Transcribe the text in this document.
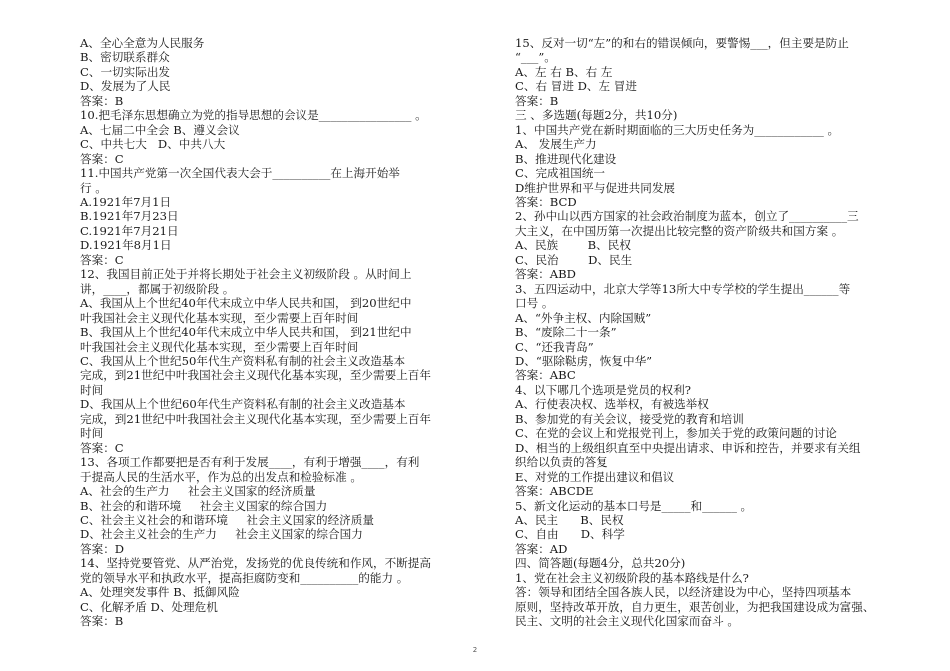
A、全心全意为人民服务
B、密切联系群众
C、一切实际出发
D、发展为了人民
答案：B
10.把毛泽东思想确立为党的指导思想的会议是________________ 。
A、七届二中全会 B、遵义会议
C、中共七大   D、中共八大
答案：C
11.中国共产党第一次全国代表大会于__________在上海开始举
行 。
A.1921年7月1日
B.1921年7月23日
C.1921年7月21日
D.1921年8月1日
答案：C
12、我国目前正处于并将长期处于社会主义初级阶段 。从时间上
讲，____，都属于初级阶段 。
A、我国从上个世纪40年代末成立中华人民共和国， 到20世纪中
叶我国社会主义现代化基本实现，至少需要上百年时间
B、我国从上个世纪40年代末成立中华人民共和国， 到21世纪中
叶我国社会主义现代化基本实现，至少需要上百年时间
C、我国从上个世纪50年代生产资料私有制的社会主义改造基本
完成，到21世纪中叶我国社会主义现代化基本实现，至少需要上百年
时间
D、我国从上个世纪60年代生产资料私有制的社会主义改造基本
完成，到21世纪中叶我国社会主义现代化基本实现，至少需要上百年
时间
答案：C
13、各项工作都要把是否有利于发展____，有利于增强____，有利
于提高人民的生活水平，作为总的出发点和检验标准 。
A、社会的生产力     社会主义国家的经济质量
B、社会的和谐环境     社会主义国家的综合国力
C、社会主义社会的和谐环境     社会主义国家的经济质量
D、社会主义社会的生产力     社会主义国家的综合国力
答案：D
14、坚持党要管党、从严治党，发扬党的优良传统和作风，不断提高
党的领导水平和执政水平，提高拒腐防变和__________的能力 。
A、处理突发事件 B、抵御风险
C、化解矛盾 D、处理危机
答案：B
15、反对一切“左”的和右的错误倾向，要警惕___，但主要是防止
“___”。
A、左 右 B、右 左
C、右 冒进 D、左 冒进
答案：B
三 、多选题(每题2分，共10分)
1、中国共产党在新时期面临的三大历史任务为____________ 。
A、 发展生产力
B、推进现代化建设
C、完成祖国统一
D维护世界和平与促进共同发展
答案：BCD
2、孙中山以西方国家的社会政治制度为蓝本，创立了__________三
大主义，在中国历第一次提出比较完整的资产阶级共和国方案 。
A、民族        B、民权
C、民治        D、民生
答案：ABD
3、五四运动中，北京大学等13所大中专学校的学生提出______等
口号 。
A、“外争主权、内除国贼”
B、“废除二十一条”
C、“还我青岛”
D、“驱除鞑虏，恢复中华”
答案：ABC
4、以下哪几个选项是党员的权利?
A、行使表决权、选举权，有被选举权
B、参加党的有关会议，接受党的教育和培训
C、在党的会议上和党报党刊上，参加关于党的政策问题的讨论
D、相当的上级组织直至中央提出请求、申诉和控告，并要求有关组
织给以负责的答复
E、对党的工作提出建议和倡议
答案：ABCDE
5、新文化运动的基本口号是_____和______ 。
A、民主      B、民权
C、自由      D、科学
答案：AD
四、简答题(每题4分，总共20分)
1、党在社会主义初级阶段的基本路线是什么?
答：领导和团结全国各族人民，以经济建设为中心，坚持四项基本
原则，坚持改革开放，自力更生，艰苦创业，为把我国建设成为富强、
民主、文明的社会主义现代化国家而奋斗 。
2
